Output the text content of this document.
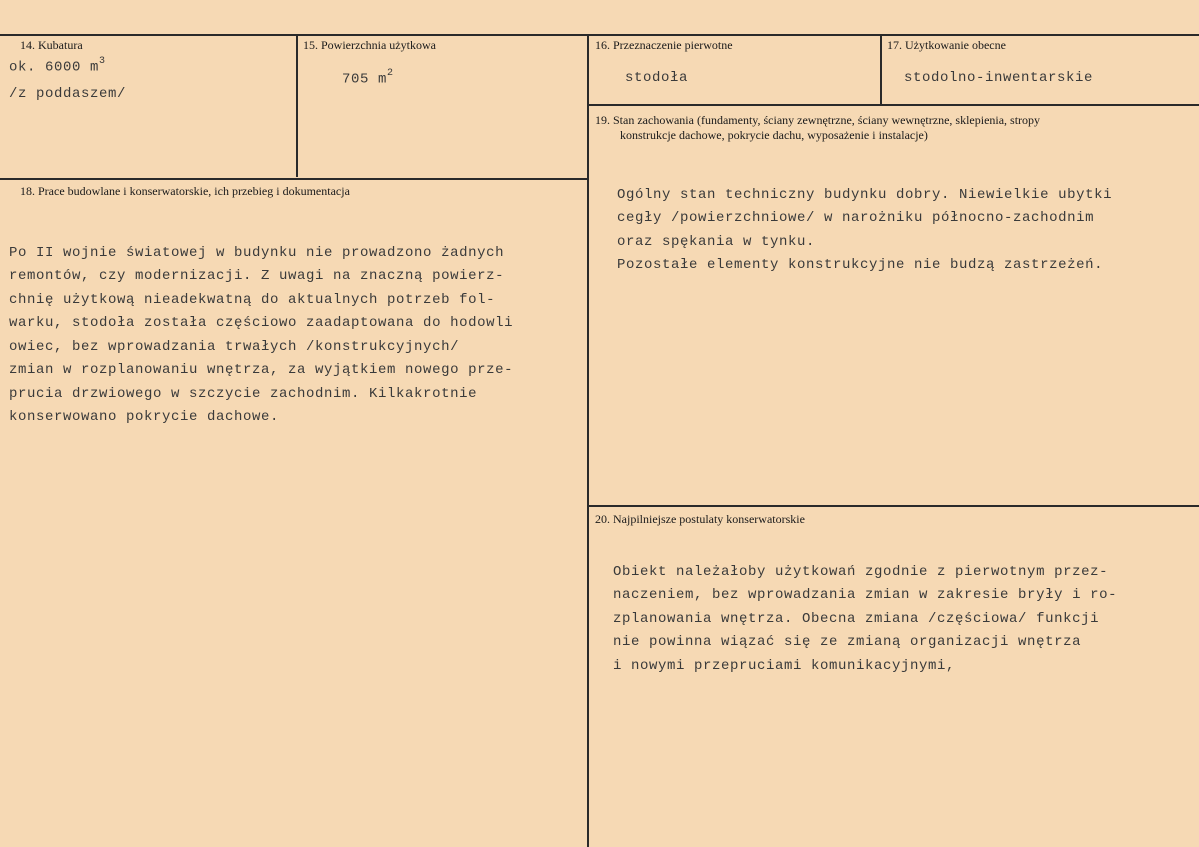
14. Kubatura
ok. 6000 $m^3$
/z poddaszem/
15. Powierzchnia użytkowa
705 $m^2$
16. Przeznaczenie pierwotne
stodoła
17. Użytkowanie obecne
stodolno-inwentarskie
19. Stan zachowania (fundamenty, ściany zewnętrzne, ściany wewnętrzne, sklepienia, stropy
konstrukcje dachowe, pokrycie dachu, wyposażenie i instalacje)

Ogólny stan techniczny budynku dobry. Niewielkie ubytki
cegły /powierzchniowe/ w narożniku północno-zachodnim
oraz spękania w tynku.
Pozostałe elementy konstrukcyjne nie budzą zastrzeżeń.

18. Prace budowlane i konserwatorskie, ich przebieg i dokumentacja

Po II wojnie światowej w budynku nie prowadzono żadnych
remontów, czy modernizacji. Z uwagi na znaczną powierz-
chnię użytkową nieadekwatną do aktualnych potrzeb fol-
warku, stodoła została częściowo zaadaptowana do hodowli
owiec, bez wprowadzania trwałych /konstrukcyjnych/
zmian w rozplanowaniu wnętrza, za wyjątkiem nowego prze-
prucia drzwiowego w szczycie zachodnim. Kilkakrotnie
konserwowano pokrycie dachowe.

20. Najpilniejsze postulaty konserwatorskie

Obiekt należałoby użytkowań zgodnie z pierwotnym przez-
naczeniem, bez wprowadzania zmian w zakresie bryły i ro-
zplanowania wnętrza. Obecna zmiana /częściowa/ funkcji
nie powinna wiązać się ze zmianą organizacji wnętrza
i nowymi przepruciami komunikacyjnymi,
